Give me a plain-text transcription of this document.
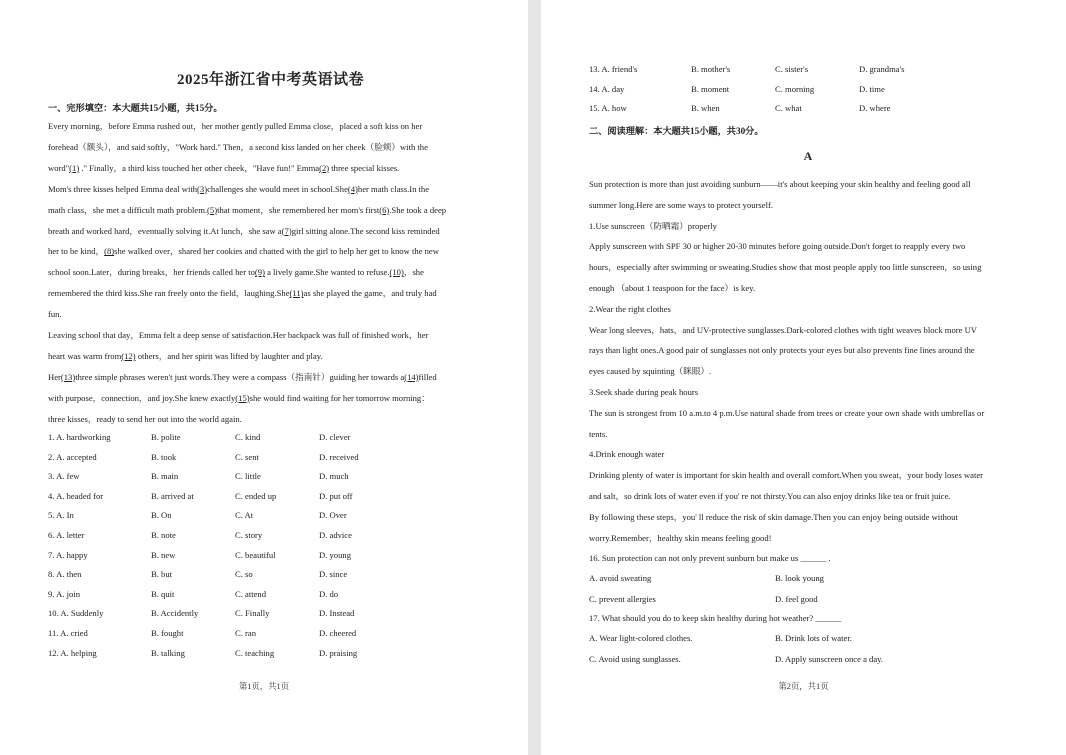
2025年浙江省中考英语试卷
一、完形填空：本大题共15小题，共15分。
Every morning，before Emma rushed out，her mother gently pulled Emma close，placed a soft kiss on her
forehead（额头），and said softly，"Work hard." Then，a second kiss landed on her cheek（脸颊）with the
word"(1) ." Finally，a third kiss touched her other cheek，"Have fun!" Emma(2) three special kisses.
Mom's three kisses helped Emma deal with(3)challenges she would meet in school.She(4)her math class.In the
math class，she met a difficult math problem.(5)that moment，she remembered her mom's first(6).She took a deep
breath and worked hard，eventually solving it.At lunch，she saw a(7)girl sitting alone.The second kiss reminded
her to be kind，(8)she walked over，shared her cookies and chatted with the girl to help her get to know the new
school soon.Later，during breaks，her friends called her to(9) a lively game.She wanted to refuse.(10)，she
remembered the third kiss.She ran freely onto the field，laughing.She(11)as she played the game，and truly had
fun.
Leaving school that day，Emma felt a deep sense of satisfaction.Her backpack was full of finished work，her
heart was warm from(12) others，and her spirit was lifted by laughter and play.
Her(13)three simple phrases weren't just words.They were a compass（指南针）guiding her towards a(14)filled
with purpose，connection，and joy.She knew exactly(15)she would find waiting for her tomorrow morning：
three kisses，ready to send her out into the world again.
1. A. hardworking	B. polite	C. kind	D. clever
2. A. accepted	B. took	C. sent	D. received
3. A. few	B. main	C. little	D. much
4. A. headed for	B. arrived at	C. ended up	D. put off
5. A. In	B. On	C. At	D. Over
6. A. letter	B. note	C. story	D. advice
7. A. happy	B. new	C. beautiful	D. young
8. A. then	B. but	C. so	D. since
9. A. join	B. quit	C. attend	D. do
10. A. Suddenly	B. Accidently	C. Finally	D. Instead
11. A. cried	B. fought	C. ran	D. cheered
12. A. helping	B. talking	C. teaching	D. praising
第1页，共1页
13. A. friend's	B. mother's	C. sister's	D. grandma's
14. A. day	B. moment	C. morning	D. time
15. A. how	B. when	C. what	D. where
二、阅读理解：本大题共15小题，共30分。
A
Sun protection is more than just avoiding sunburn——it's about keeping your skin healthy and feeling good all
summer long.Here are some ways to protect yourself.
1.Use sunscreen（防晒霜）properly
Apply sunscreen with SPF 30 or higher 20-30 minutes before going outside.Don't forget to reapply every two
hours，especially after swimming or sweating.Studies show that most people apply too little sunscreen，so using
enough （about 1 teaspoon for the face）is key.
2.Wear the right clothes
Wear long sleeves，hats，and UV-protective sunglasses.Dark-colored clothes with tight weaves block more UV
rays than light ones.A good pair of sunglasses not only protects your eyes but also prevents fine lines around the
eyes caused by squinting（眯眼）.
3.Seek shade during peak hours
The sun is strongest from 10 a.m.to 4 p.m.Use natural shade from trees or create your own shade with umbrellas or
tents.
4.Drink enough water
Drinking plenty of water is important for skin health and overall comfort.When you sweat，your body loses water
and salt，so drink lots of water even if you' re not thirsty.You can also enjoy drinks like tea or fruit juice.
By following these steps，you' ll reduce the risk of skin damage.Then you can enjoy being outside without
worry.Remember，healthy skin means feeling good!
16. Sun protection can not only prevent sunburn but make us ______ .
A. avoid sweating	B. look young
C. prevent allergies	D. feel good
17. What should you do to keep skin healthy during hot weather? ______
A. Wear light-colored clothes.	B. Drink lots of water.
C. Avoid using sunglasses.	D. Apply sunscreen once a day.
第2页，共1页
